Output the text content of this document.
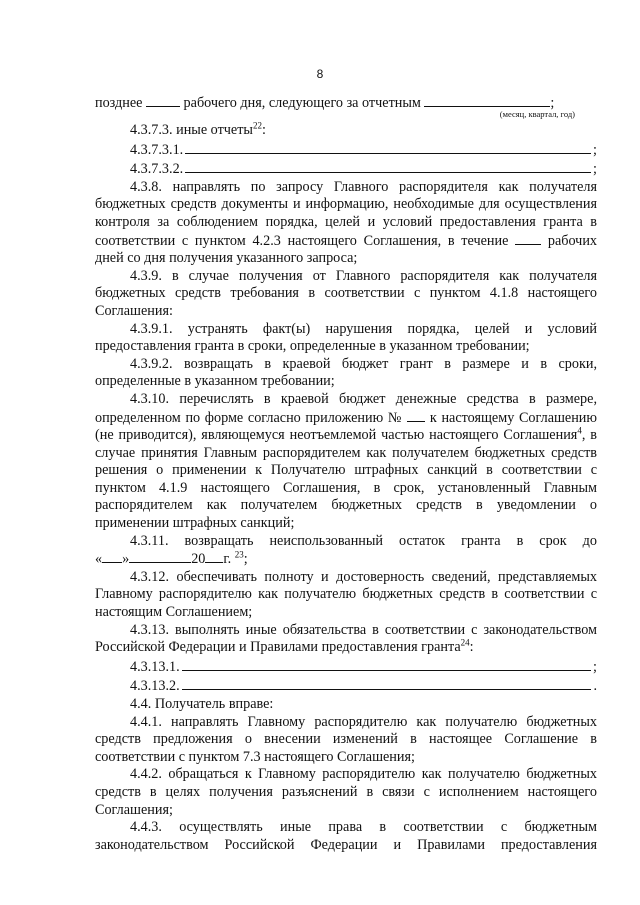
8
позднее	рабочего дня, следующего за отчетным	;
(месяц, квартал, год)

4.3.7.3. иные отчеты$^{22}$:

4.3.7.3.1.	;
4.3.7.3.2.	;

4.3.8. направлять по запросу Главного распорядителя как получателя бюджетных средств документы и информацию, необходимые для осуществления контроля за соблюдением порядка, целей и условий предоставления гранта в соответствии с пунктом 4.2.3 настоящего Соглашения, в течение	рабочих дней со дня получения указанного запроса;

4.3.9. в случае получения от Главного распорядителя как получателя бюджетных средств требования в соответствии с пунктом 4.1.8 настоящего Соглашения:

4.3.9.1. устранять факт(ы) нарушения порядка, целей и условий предоставления гранта в сроки, определенные в указанном требовании;

4.3.9.2. возвращать в краевой бюджет грант в размере и в сроки, определенные в указанном требовании;

4.3.10. перечислять в краевой бюджет денежные средства в размере, определенном по форме согласно приложению № к настоящему Соглашению (не приводится), являющемуся неотъемлемой частью настоящего Соглашения$^4$, в случае принятия Главным распорядителем как получателем бюджетных средств решения о применении к Получателю штрафных санкций в соответствии с пунктом 4.1.9 настоящего Соглашения, в срок, установленный Главным распорядителем как получателем бюджетных средств в уведомлении о применении штрафных санкций;

4.3.11. возвращать неиспользованный остаток гранта в срок до

« »	20 г. $^{23}$;

4.3.12. обеспечивать полноту и достоверность сведений, представляемых Главному распорядителю как получателю бюджетных средств в соответствии с настоящим Соглашением;

4.3.13. выполнять иные обязательства в соответствии с законодательством Российской Федерации и Правилами предоставления гранта$^{24}$:

4.3.13.1.	;
4.3.13.2.	.

4.4. Получатель вправе:

4.4.1. направлять Главному распорядителю как получателю бюджетных средств предложения о внесении изменений в настоящее Соглашение в соответствии с пунктом 7.3 настоящего Соглашения;

4.4.2. обращаться к Главному распорядителю как получателю бюджетных средств в целях получения разъяснений в связи с исполнением настоящего Соглашения;

4.4.3. осуществлять иные права в соответствии с бюджетным законодательством Российской Федерации и Правилами предоставления
